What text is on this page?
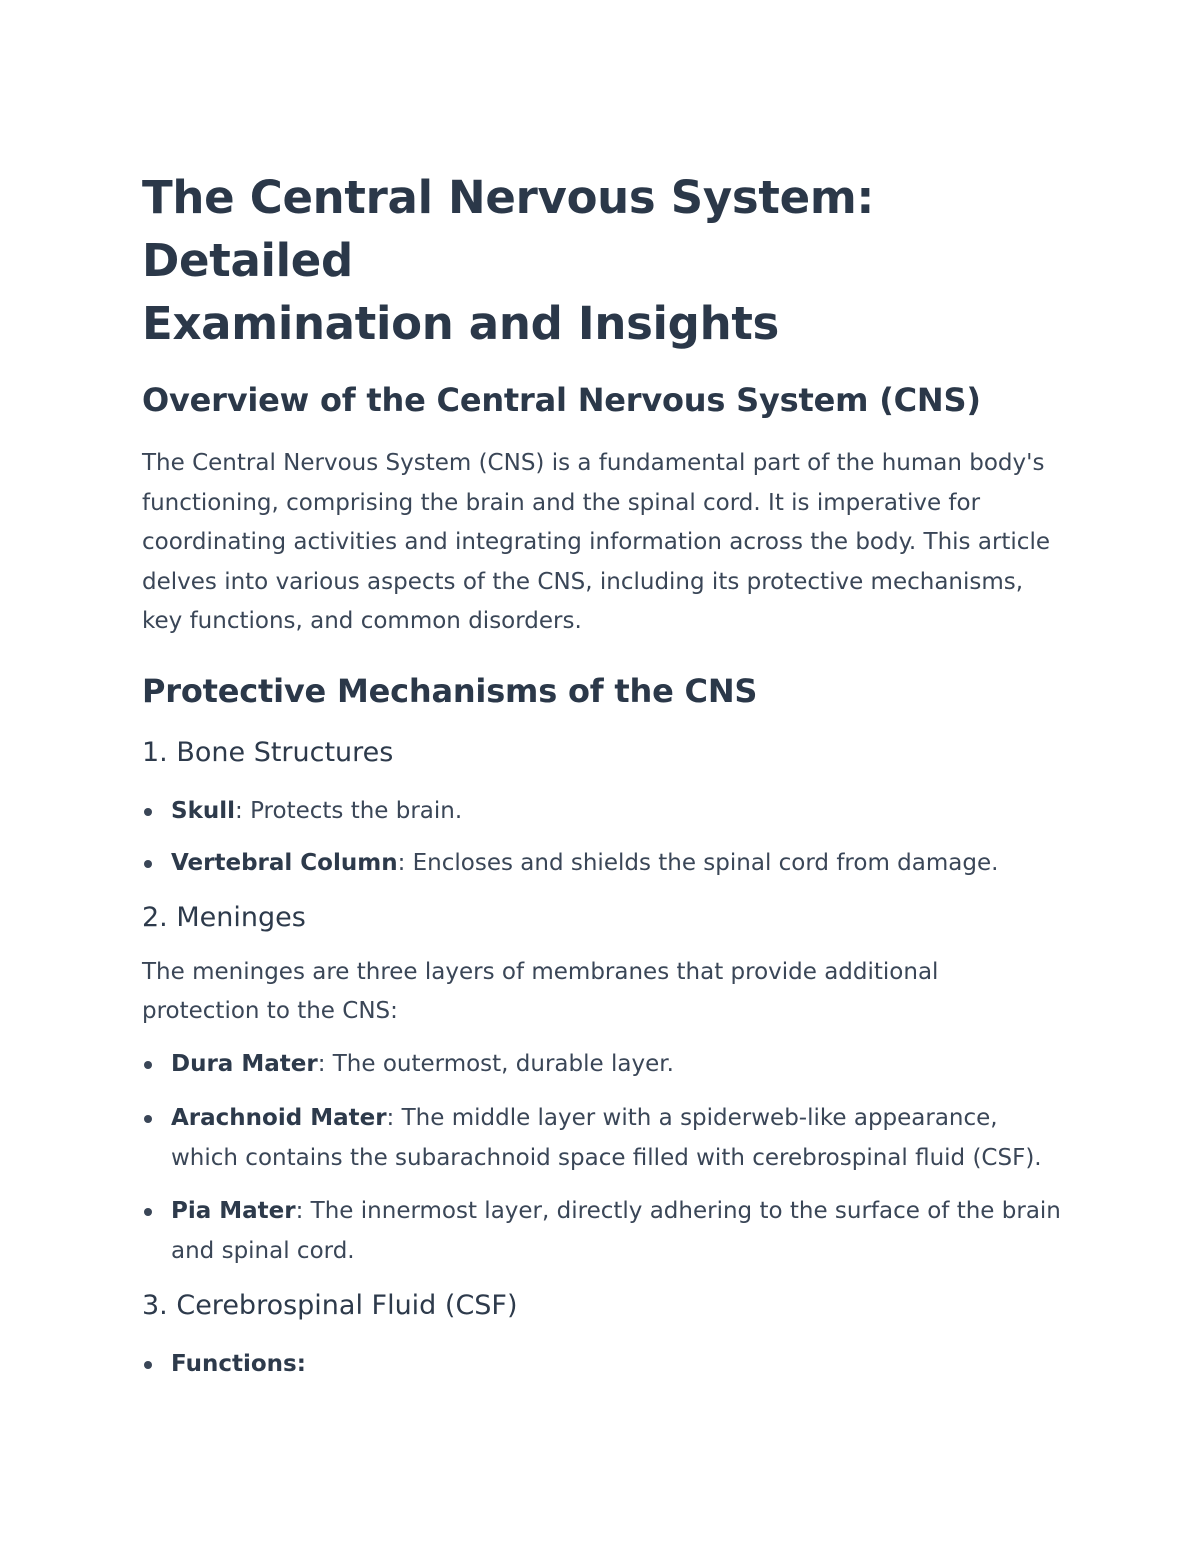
The Central Nervous System: Detailed
Examination and Insights
Overview of the Central Nervous System (CNS)

The Central Nervous System (CNS) is a fundamental part of the human body's functioning, comprising the brain and the spinal cord. It is imperative for coordinating activities and integrating information across the body. This article delves into various aspects of the CNS, including its protective mechanisms, key functions, and common disorders.

Protective Mechanisms of the CNS
1. Bone Structures
Skull: Protects the brain.
Vertebral Column: Encloses and shields the spinal cord from damage.
2. Meninges

The meninges are three layers of membranes that provide additional protection to the CNS:

Dura Mater: The outermost, durable layer.
Arachnoid Mater: The middle layer with a spiderweb-like appearance, which contains the subarachnoid space filled with cerebrospinal fluid (CSF).
Pia Mater: The innermost layer, directly adhering to the surface of the brain and spinal cord.
3. Cerebrospinal Fluid (CSF)
Functions:
